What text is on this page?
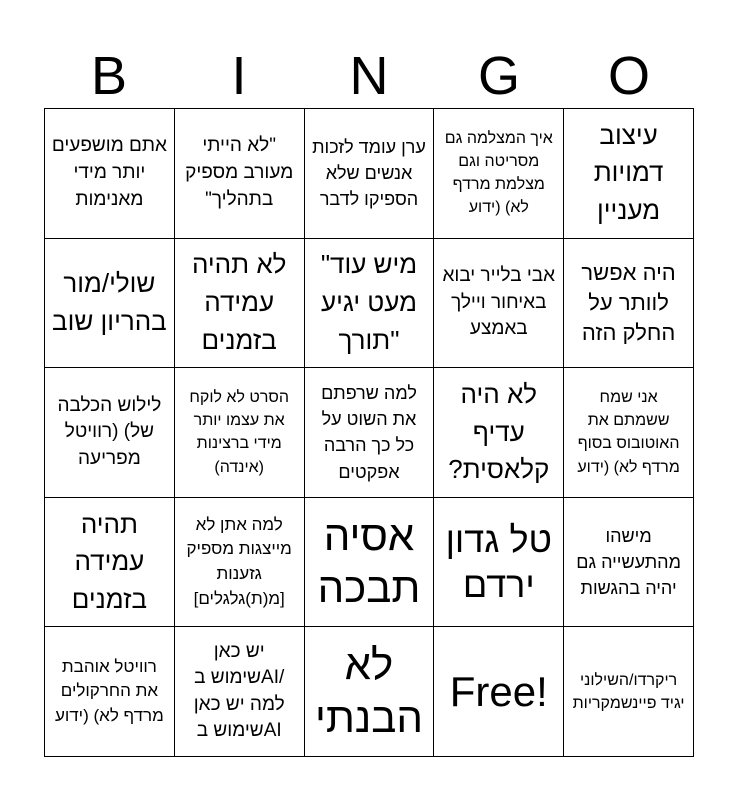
B	I	N	G	O
אתם מושפעים יותר מידי מאנימות
"לא הייתי מעורב מספיק בתהליך"
ערן עומד לזכות אנשים שלא הספיקו לדבר
איך המצלמה גם מסריטה וגם מצלמת מרדף לא) (ידוע
עיצוב דמויות מעניין
שולי/מור בהריון שוב
לא תהיה עמידה בזמנים
מיש עוד" מעט יגיע "תורך
אבי בלייר יבוא באיחור ויילך באמצע
היה אפשר לוותר על החלק הזה
לילוש הכלבה של) (רוויטל מפריעה
הסרט לא לוקח את עצמו יותר מידי ברצינות (אינדה)
למה שרפתם את השוט על כל כך הרבה אפקטים
לא היה עדיף קלאסית?
אני שמח ששמתם את האוטובוס בסוף מרדף לא) (ידוע
תהיה עמידה בזמנים
למה אתן לא מייצגות מספיק גזענות [מ(ת)גלגלים]
אסיה תבכה
טל גדון ירדם
מישהו מהתעשייה גם יהיה בהגשות
רוויטל אוהבת את החרקולים מרדף לא) (ידוע
יש כאן /AIשימוש ב למה יש כאן AIשימוש ב
לא הבנתי
Free!	ריקרדו/השילוני יגיד פיינשמקריות
